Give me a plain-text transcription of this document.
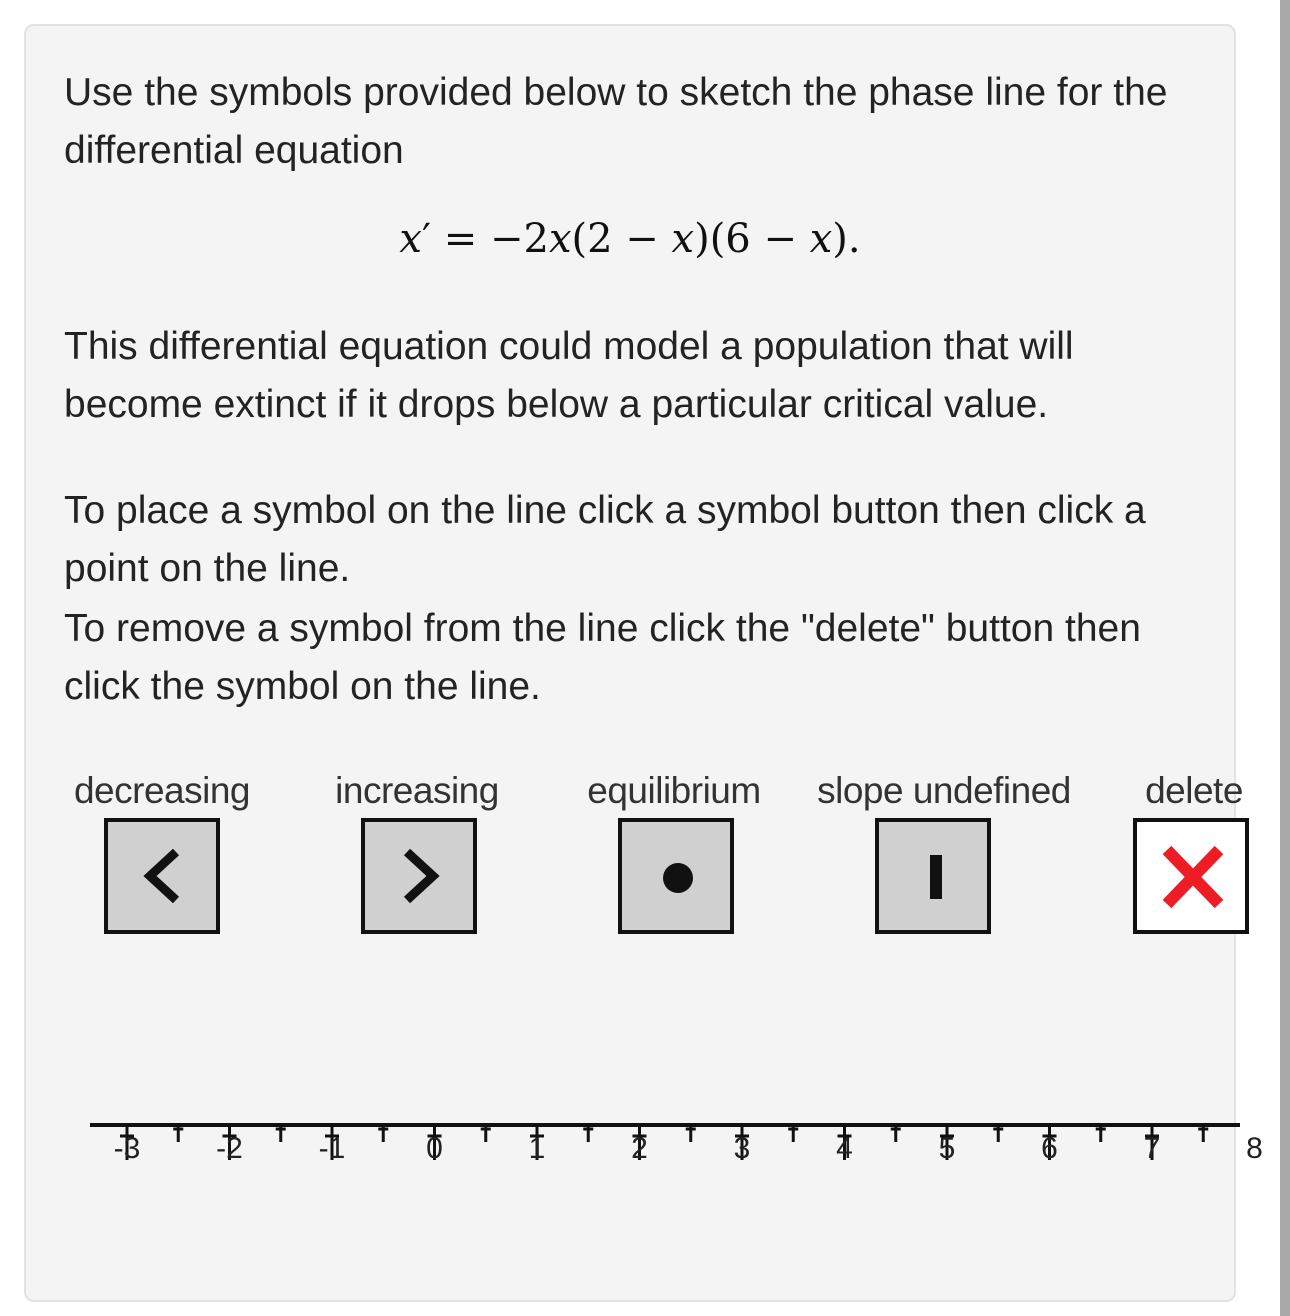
Use the symbols provided below to sketch the phase line for the differential equation

x′ = −2x(2 − x)(6 − x).

This differential equation could model a population that will become extinct if it drops below a particular critical value.

To place a symbol on the line click a symbol button then click a point on the line.

To remove a symbol from the line click the "delete" button then click the symbol on the line.

decreasing	increasing	equilibrium	slope undefined	delete
-3	-2	-1	0	1	2	3	4	5	6	7	8
